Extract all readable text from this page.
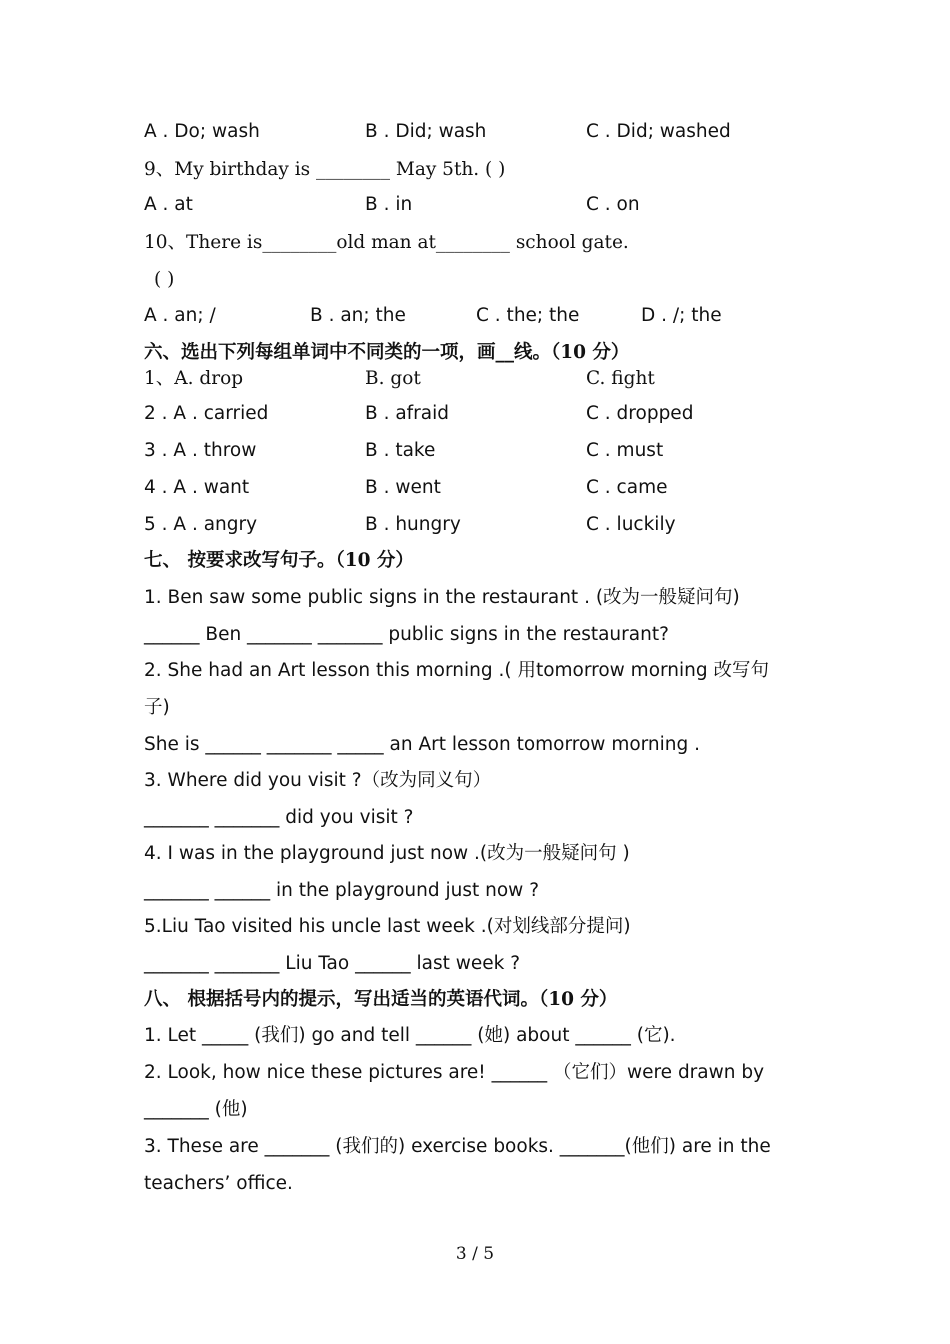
A . Do; wash	B . Did; wash	C . Did; washed
9、My birthday is ________ May 5th. ( )
A . at	B . in	C . on
10、There is________old man at________ school gate.
( )
A . an; /	B . an; the	C . the; the	D . /; the
六、选出下列每组单词中不同类的一项，画__线。（10 分）
1、A. drop	B. got	C. fight
2 . A . carried	B . afraid	C . dropped
3 . A . throw	B . take	C . must
4 . A . want	B . went	C . came
5 . A . angry	B . hungry	C . luckily
七、 按要求改写句子。（10 分）
1. Ben saw some public signs in the restaurant . (改为一般疑问句)
______ Ben _______ _______ public signs in the restaurant?
2. She had an Art lesson this morning .( 用tomorrow morning 改写句
子)
She is ______ _______ _____ an Art lesson tomorrow morning .
3. Where did you visit ?（改为同义句）
_______ _______ did you visit ?
4. I was in the playground just now .(改为一般疑问句 )
_______ ______ in the playground just now ?
5.Liu Tao visited his uncle last week .(对划线部分提问)
_______ _______ Liu Tao ______ last week ?
八、 根据括号内的提示，写出适当的英语代词。（10 分）
1. Let _____ (我们) go and tell ______ (她) about ______ (它).
2. Look, how nice these pictures are! ______ （它们）were drawn by
_______ (他)
3. These are _______ (我们的) exercise books. _______(他们) are in the
teachers’ office.
3 / 5
